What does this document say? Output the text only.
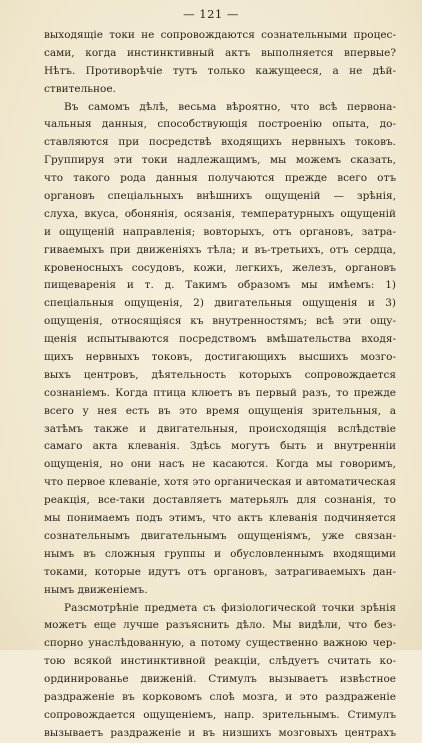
— 121 —
выходящіе токи не сопровождаются сознательными процес-
сами, когда инстинктивный актъ выполняется впервые?
Нѣтъ. Противорѣчіе тутъ только кажущееся, а не дѣй-
ствительное.
Въ самомъ дѣлѣ, весьма вѣроятно, что всѣ первона-
чальныя данныя, способствующія построенію опыта, до-
ставляются при посредствѣ входящихъ нервныхъ токовъ.
Группируя эти токи надлежащимъ, мы можемъ сказать,
что такого рода данныя получаются прежде всего отъ
органовъ спеціальныхъ внѣшнихъ ощущеній — зрѣнія,
слуха, вкуса, обонянія, осязанія, температурныхъ ощущеній
и ощущеній направленія; вовторыхъ, отъ органовъ, затра-
гиваемыхъ при движеніяхъ тѣла; и въ-третьихъ, отъ сердца,
кровеносныхъ сосудовъ, кожи, легкихъ, железъ, органовъ
пищеваренія и т. д. Такимъ образомъ мы имѣемъ: 1)
спеціальныя ощущенія, 2) двигательныя ощущенія и 3)
ощущенія, относящіяся къ внутренностямъ; всѣ эти ощу-
щенія испытываются посредствомъ вмѣшательства входя-
щихъ нервныхъ токовъ, достигающихъ высшихъ мозго-
выхъ центровъ, дѣятельность которыхъ сопровождается
сознаніемъ. Когда птица клюетъ въ первый разъ, то прежде
всего у нея есть въ это время ощущенія зрительныя, а
затѣмъ также и двигательныя, происходящія вслѣдствіе
самаго акта клеванія. Здѣсь могутъ быть и внутренніи
ощущенія, но они насъ не касаются. Когда мы говоримъ,
что первое клеваніе, хотя это органическая и автоматическая
реакція, все-таки доставляетъ матерьялъ для сознанія, то
мы понимаемъ подъ этимъ, что актъ клеванія подчиняется
сознательнымъ двигательнымъ ощущеніямъ, уже связан-
нымъ въ сложныя группы и обусловленнымъ входящими
токами, которые идутъ отъ органовъ, затрагиваемыхъ дан-
нымъ движеніемъ.
Разсмотрѣніе предмета съ физіологической точки зрѣнія
можетъ еще лучше разъяснить дѣло. Мы видѣли, что без-
спорно унаслѣдованную, а потому существенно важною чер-
тою всякой инстинктивной реакціи, слѣдуетъ считать ко-
ординированье движеній. Стимулъ вызываетъ извѣстное
раздраженіе въ корковомъ слоѣ мозга, и это раздраженіе
сопровождается ощущеніемъ, напр. зрительнымъ. Стимулъ
вызываетъ раздраженіе и въ низшихъ мозговыхъ центрахъ
